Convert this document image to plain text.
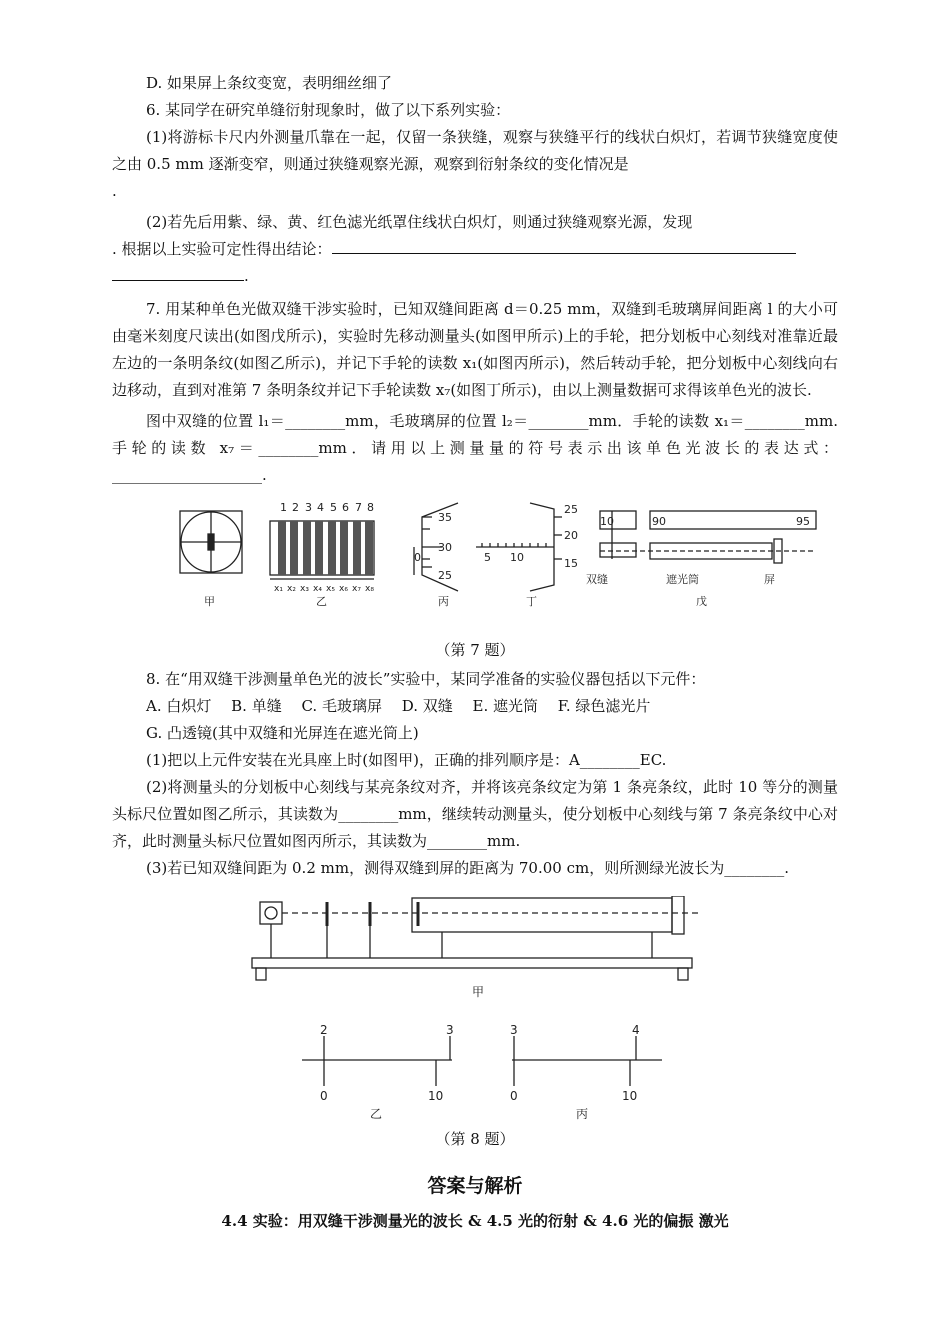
D. 如果屏上条纹变宽，表明细丝细了

6. 某同学在研究单缝衍射现象时，做了以下系列实验：

(1)将游标卡尺内外测量爪靠在一起，仅留一条狭缝，观察与狭缝平行的线状白炽灯，若调节狭缝宽度使之由 0.5 mm 逐渐变窄，则通过狭缝观察光源，观察到衍射条纹的变化情况是

.

(2)若先后用紫、绿、黄、红色滤光纸罩住线状白炽灯，则通过狭缝观察光源，发现

. 根据以上实验可定性得出结论：

.

7. 用某种单色光做双缝干涉实验时，已知双缝间距离 d＝0.25 mm，双缝到毛玻璃屏间距离 l 的大小可由毫米刻度尺读出(如图戊所示)，实验时先移动测量头(如图甲所示)上的手轮，把分划板中心刻线对准靠近最左边的一条明条纹(如图乙所示)，并记下手轮的读数 x₁(如图丙所示)，然后转动手轮，把分划板中心刻线向右边移动，直到对准第 7 条明条纹并记下手轮读数 x₇(如图丁所示)，由以上测量数据可求得该单色光的波长.

图中双缝的位置 l₁＝________mm，毛玻璃屏的位置 l₂＝________mm．手轮的读数 x₁＝________mm.手轮的读数 x₇＝________mm．请用以上测量量的符号表示出该单色光波长的表达式：____________________.

1 2 3 4 5 6 7 8
x₁ x₂ x₃ x₄ x₅ x₆ x₇ x₈
35
30
25
0
25
20
15
5 10
10	90	95
双缝	遮光筒	屏
甲	乙	丙	丁	戊

（第 7 题）

8. 在“用双缝干涉测量单色光的波长”实验中，某同学准备的实验仪器包括以下元件：

A. 白炽灯　 B. 单缝　 C. 毛玻璃屏　 D. 双缝　 E. 遮光筒　 F. 绿色滤光片

G. 凸透镜(其中双缝和光屏连在遮光筒上)

(1)把以上元件安装在光具座上时(如图甲)，正确的排列顺序是：A________EC.

(2)将测量头的分划板中心刻线与某亮条纹对齐，并将该亮条纹定为第 1 条亮条纹，此时 10 等分的测量头标尺位置如图乙所示，其读数为________mm，继续转动测量头，使分划板中心刻线与第 7 条亮条纹中心对齐，此时测量头标尺位置如图丙所示，其读数为________mm.

(3)若已知双缝间距为 0.2 mm，测得双缝到屏的距离为 70.00 cm，则所测绿光波长为________.

甲
2	3
0	10
3	4
0	10
乙	丙

（第 8 题）

答案与解析
4.4 实验：用双缝干涉测量光的波长 & 4.5 光的衍射 & 4.6 光的偏振 激光
